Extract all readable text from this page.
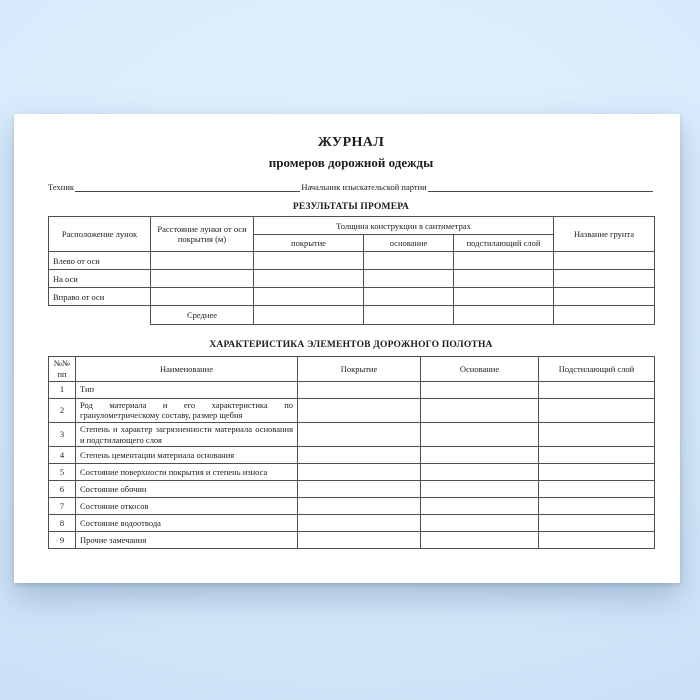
ЖУРНАЛ
промеров дорожной одежды
Техник	Начальник изыскательской партии
РЕЗУЛЬТАТЫ ПРОМЕРА
Расположение лунок	Расстояние лунки от оси покрытия (м)	Толщина конструкции в сантиметрах			Название грунта
		покрытие	основание	подстилающий слой	
Влево от оси					
На оси					
Вправо от оси					
	Среднее				
ХАРАКТЕРИСТИКА ЭЛЕМЕНТОВ ДОРОЖНОГО ПОЛОТНА
№№ пп	Наименование	Покрытие	Основание	Подстилающий слой
1	Тип			
2	Род материала и его характеристика по гранулометрическому составу, размер щебня			
3	Степень и характер загрязненности материала основания и подстилающего слоя			
4	Степень цементации материала основания			
5	Состояние поверхности покрытия и степень износа			
6	Состояние обочин			
7	Состояние откосов			
8	Состояние водоотвода			
9	Прочие замечания			
